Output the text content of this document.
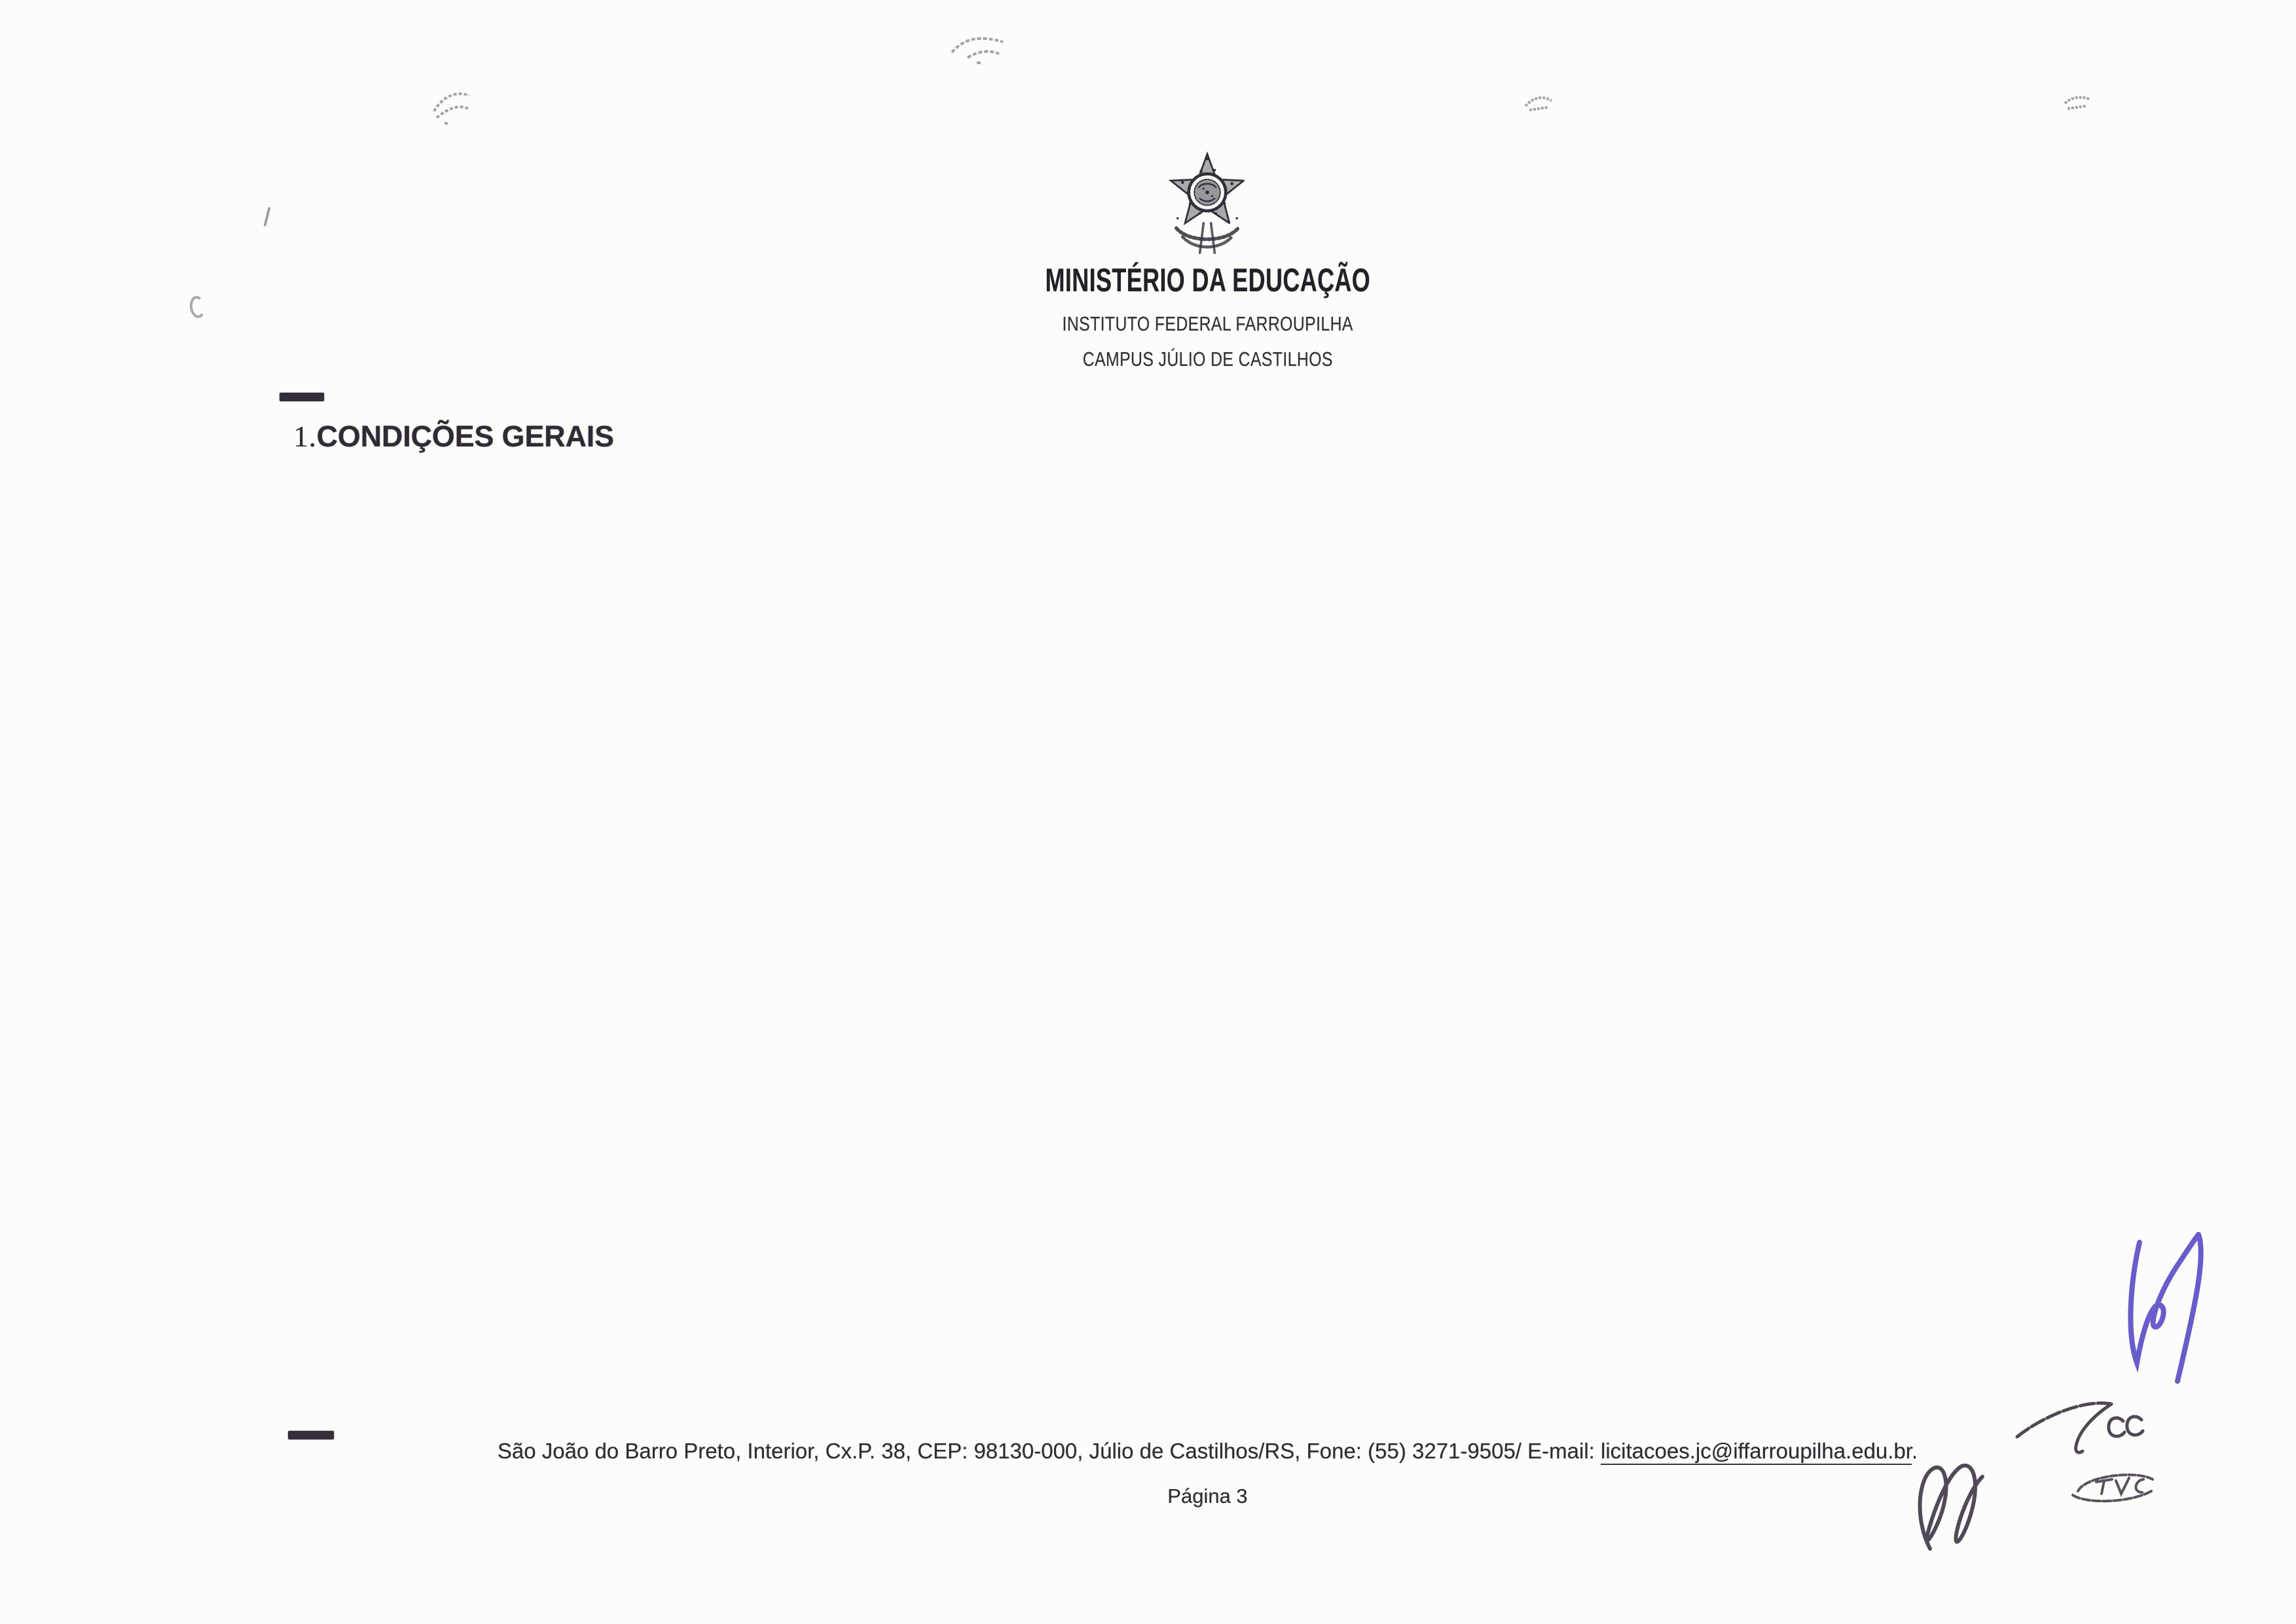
MINISTÉRIO DA EDUCAÇÃO
INSTITUTO FEDERAL FARROUPILHA
CAMPUS JÚLIO DE CASTILHOS

1.CONDIÇÕES GERAIS

São João do Barro Preto, Interior, Cx.P. 38, CEP: 98130-000, Júlio de Castilhos/RS, Fone: (55) 3271-9505/ E-mail: licitacoes.jc@iffarroupilha.edu.br.
Página 3
